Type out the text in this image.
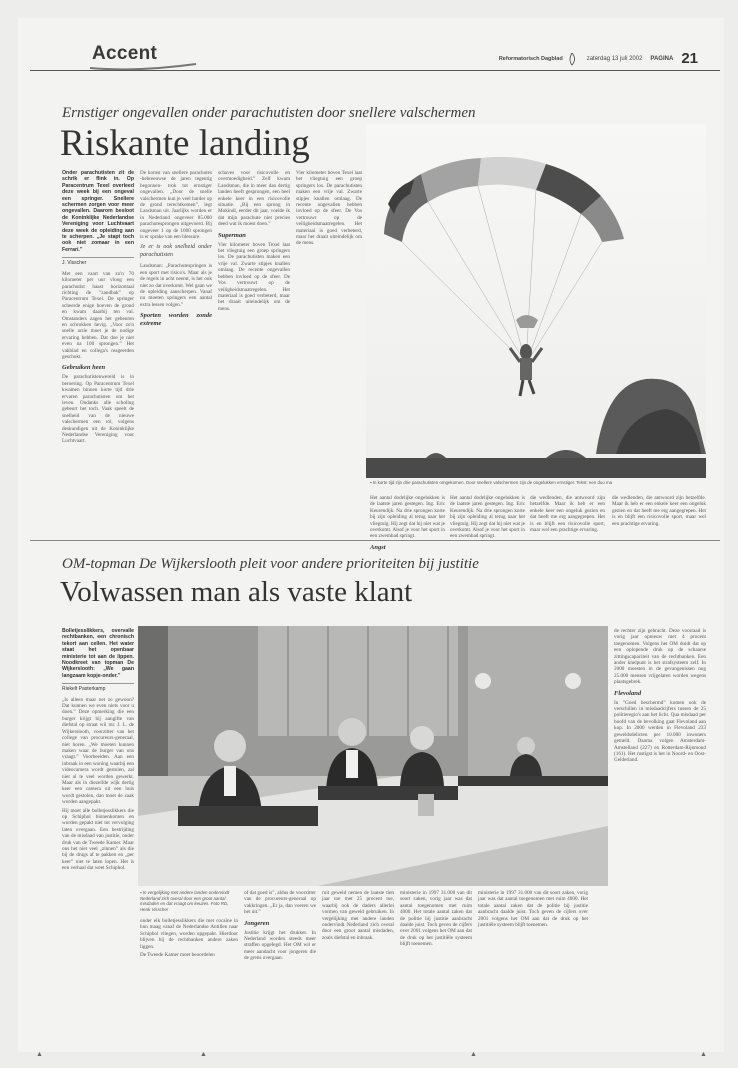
Accent	Reformatorisch Dagblad	zaterdag 13 juli 2002 PAGINA 21
Ernstiger ongevallen onder parachutisten door snellere valschermen
Riskante landing
▪ In korte tijd zijn drie parachutisten omgekomen. Door snellere valschermen zijn de ongelukken ernstiger. Tekst: een duo ma
Onder parachutisten zit de schrik er flink in. Op Paracentrum Texel overleed deze week bij een ongeval een springer. Snellere schermen zorgen voor meer ongevallen. Daarom besloot de Koninklijke Nederlandse Vereniging voor Luchtvaart deze week de opleiding aan te scherpen. „Je stapt toch ook niet zomaar in een Ferrari.”
J. Visscher

Met een vaart van zo'n 70 kilometer per uur vloog een parachutist haast horizontaal richting de ”zandbak” op Paracentrum Texel. De springer scheerde enige hoeven de grond en kwam daarbij ten val. Omstanders zagen het gebeuren en schrokken hevig. „Voor zo'n snelle actie moet je de nodige ervaring hebben. Dat doe je niet even na 100 sprongen.” Het vakblad en collega's reageerden geschokt.

Gebruiken heen

De parachutistenwereld is in beroering. Op Paracentrum Texel kwamen binnen korte tijd drie ervaren parachutisten om het leven. Ondanks alle scholing gebeurt het toch. Vaak speelt de snelheid van de nieuwe valschermen een rol, volgens deskundigen uit de Koninklijke Nederlandse Vereniging voor Luchtvaart.

De komst van snellere parachutes -hebreeuwse de jaren tegentig begonnen- trok tot ernstiger ongevallen. „Door de snelle valschermen kun je veel harder op de grond terechtkomen”, legt Landsman uit. Jaarlijks worden er in Nederland ongeveer 85.000 parachutesprongen uitgevoerd. Bij ongeveer 1 op de 1000 sprongen is er sprake van een blessure.

Je er is ook snelheid onder parachutisten

Landsman: „Parachutespringen is een sport met risico's. Maar als je de regels in acht neemt, is het ook niet zo dat overkomt. Wel gaan we de opleiding aanscherpen. Vanaf nu moeten springers een aantal extra lessen volgen.”

Sporten worden zonde extreme

schaves voor risicovolle en overmoedigheid.” Zelf kwam Landsman, die in meer dan dertig landen heeft gesprongen, een heel enkele keer in een risicovolle situatie. „Bij een sprong in Mokindi, eerder dit jaar, voelde ik dat mijn parachute niet precies deed wat ik moest doen.”

Superman

Vier kilometer boven Texel laat het vliegtuig een groep springers los. De parachutisten maken een vrije val. Zwarte stipjes knallen omlaag. De recente ongevallen hebben invloed op de sfeer. De Vos vertrouwt op de veiligheidsmaatregelen. Het materiaal is goed verbeterd, maar het draait uiteindelijk om de mens.

Vier kilometer boven Texel laat het vliegtuig een groep springers los. De parachutisten maken een vrije val. Zwarte stipjes knallen omlaag. De recente ongevallen hebben invloed op de sfeer. De Vos vertrouwt op de veiligheidsmaatregelen. Het materiaal is goed verbeterd, maar het draait uiteindelijk om de mens.

Het aantal dodelijke ongelukken is de laatste jaren gestegen. Ing. Eric Keurendijk. Na drie sprongen korte bij zijn opleiding al terug naar het vliegtuig. Hij zegt dat hij niet wat je overkomt. Alsof je voor het sport in een zwembad springt.

Angst

Het aantal dodelijke ongelukken is de laatste jaren gestegen. Ing. Eric Keurendijk. Na drie sprongen korte bij zijn opleiding al terug naar het vliegtuig. Hij zegt dat hij niet wat je overkomt. Alsof je voor het sport in een zwembad springt.

die wedlenden, die antwoord zijn hetzelfde. Maar ik heb er een enkele keer een ongeluk gezien en dat heeft me erg aangegrepen. Het is en blijft een risicovolle sport, maar wel een prachtige ervaring.

die wedlenden, die antwoord zijn hetzelfde. Maar ik heb er een enkele keer een ongeluk gezien en dat heeft me erg aangegrepen. Het is en blijft een risicovolle sport, maar wel een prachtige ervaring.

OM-topman De Wijkerslooth pleit voor andere prioriteiten bij justitie
Volwassen man als vaste klant
▪ In vergelijking met andere landen ondervindt Nederland zich overal door een groot aantal misdaden en dat vraagt om keuzes. Foto RD, Henk Visscher
Bolletjesslikkers, overvalle rechtbanken, een chronisch tekort aan cellen. Het water staat het openbaar ministerie tot aan de lippen. Noodkreet van topman De Wijkerslooth: „We gaan langzaam kopje-onder.”
Riekelt Pasterkamp

„Is alleen maar net zo gewoon? Dat kunnen we even niets voor u doen.” Deze opmerking die een burger krijgt bij aangifte van diefstal op straat wil mr. J. L. de Wijkerslooth, voorzitter van het college van procureurs-generaal, niet horen. „We moeten kunnen maken waar de burger van ons vraagt.” Voorbeelden. Aan een inbraak in een woning waarbij een videocamera wordt gestolen, zal niet al te veel worden gewerkt. Maar als in diezelfde wijk dertig keer een camera uit een huis wordt gestolen, dan moet de zaak worden aangepakt.

Hij moet alle bolletjesslikkers die op Schiphol binnenkomen en worden gepakt niet tot vervolging laten overgaan. Een bestrijding van de misdaad van justitie, onder druk van de Tweede Kamer. Maar ons het niet veel „zinnen” als die bij de drugs af te pakken en „per keer” niet te laten lopen. Het is een verhaal dat weet Schiphol.

onder elk bolletjesslikkers die met cocaïne in hun maag vanaf de Nederlandse Antillen naar Schiphol vliegen, worden opgepakt. Hierdoor blijven bij de rechtbanken andere zaken liggen.

De Tweede Kamer moet beoordelen

of dat goed is”, aldus de voorzitter van de procureurs-generaal op vakkringen. „Er ja, dan voeren we het uit.”

Jongeren

Justitie krijgt het drukker. In Nederland worden steeds meer straffen opgelegd. Het OM wil er meer aandacht voor jongeren die de grens overgaan.

ruit geweld nemen de laatste tien jaar toe met 25 procent toe, waarbij ook de daders allerlei vormen van geweld gebruiken. In vergelijking met andere landen ondervindt Nederland zich overal door een groot aantal misdaden, zoals diefstal en inbraak.

ministerie in 1997 31.000 van dit soort zaken, vorig jaar was dat aantal toegenomen met ruim 4000. Het totale aantal zaken dat de politie bij justitie aanbracht daalde juist. Toch geven de cijfers over 2001 volgens het OM aan dat de druk op het justitiële systeem blijft toenemen.

ministerie in 1997 31.000 van dit soort zaken, vorig jaar was dat aantal toegenomen met ruim 4000. Het totale aantal zaken dat de politie bij justitie aanbracht daalde juist. Toch geven de cijfers over 2001 volgens het OM aan dat de druk op het justitiële systeem blijft toenemen.

de rechter zijn gebracht. Deze voorraad is vorig jaar opnieuw met 4 procent toegenomen. Volgens het OM duidt dat op een oplopende druk op de schaarse zittingscapaciteit van de rechtbanken. Een ander knelpunt is het strafsysteem zelf. In 2000 moesten in de gevangenissen nog 25.000 mensen vrijgelaten worden wegens plaatsgebrek.

Flevoland

In ”Goed beschermd” komen ook de verschillen in misdaadcijfers tussen de 25 politieregio's aan het licht. Qua misdaad per hoofd van de bevolking gaat Flevoland aan kop. In 2000 werden in Flevoland 233 geweldsdelicten per 10.000 inwoners gemeld. Daarna volgen Amsterdam-Amstelland (227) en Rotterdam-Rijnmond (161). Het rustigst is het in Noord- en Oost-Gelderland.

▲	▲	▲	▲
